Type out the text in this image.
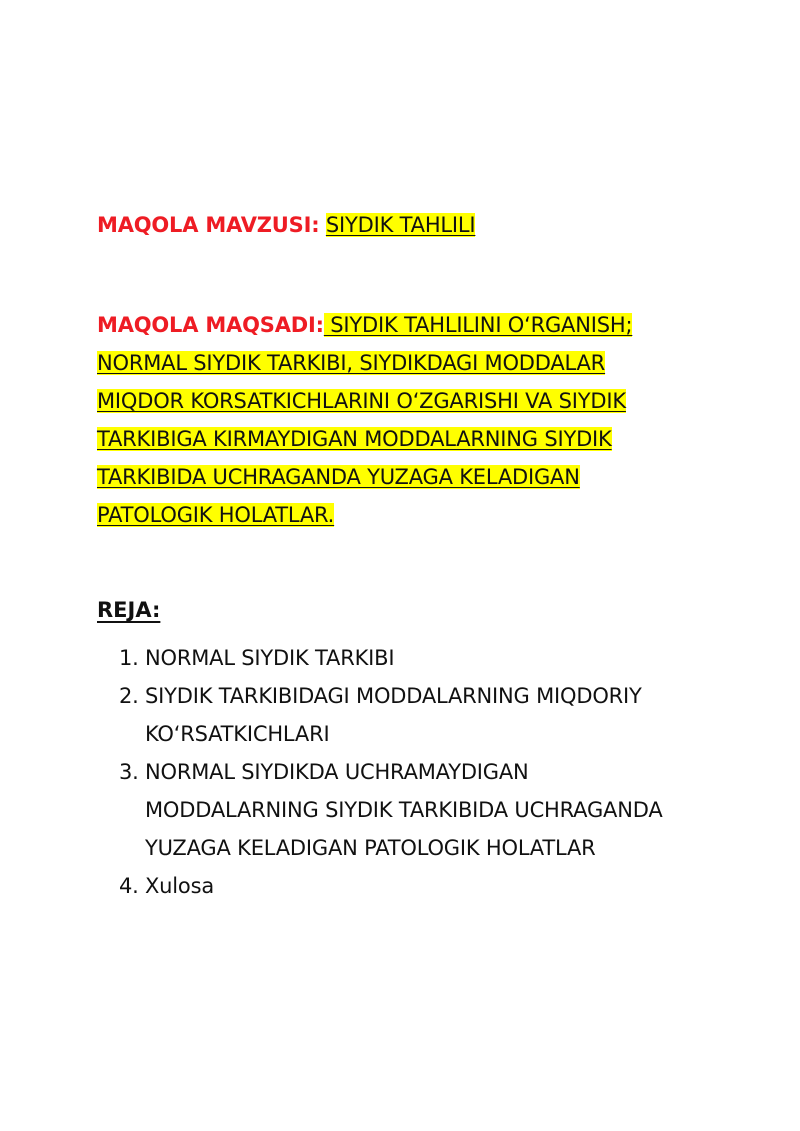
MAQOLA MAVZUSI: SIYDIK TAHLILI
MAQOLA MAQSADI: SIYDIK TAHLILINI O‘RGANISH; NORMAL SIYDIK TARKIBI, SIYDIKDAGI MODDALAR MIQDOR KORSATKICHLARINI O‘ZGARISHI VA SIYDIK TARKIBIGA KIRMAYDIGAN MODDALARNING SIYDIK TARKIBIDA UCHRAGANDA YUZAGA KELADIGAN PATOLOGIK HOLATLAR.
REJA:
1. NORMAL SIYDIK TARKIBI
2. SIYDIK TARKIBIDAGI MODDALARNING MIQDORIY KO‘RSATKICHLARI
3. NORMAL SIYDIKDA UCHRAMAYDIGAN MODDALARNING SIYDIK TARKIBIDA UCHRAGANDA YUZAGA KELADIGAN PATOLOGIK HOLATLAR
4. Xulosa
